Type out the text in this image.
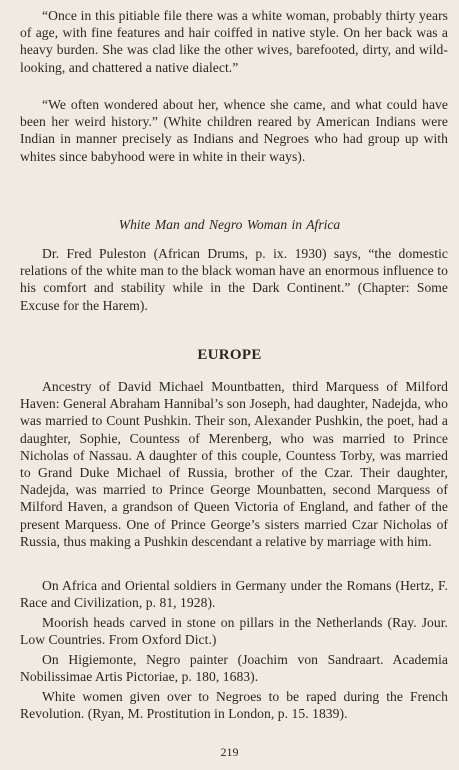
“Once in this pitiable file there was a white woman, probably thirty years of age, with fine features and hair coiffed in native style. On her back was a heavy burden. She was clad like the other wives, barefooted, dirty, and wild-looking, and chattered a native dialect.”

“We often wondered about her, whence she came, and what could have been her weird history.” (White children reared by American Indians were Indian in manner precisely as Indians and Negroes who had group up with whites since babyhood were in white in their ways).

White Man and Negro Woman in Africa

Dr. Fred Puleston (African Drums, p. ix. 1930) says, “the domestic relations of the white man to the black woman have an enormous influence to his comfort and stability while in the Dark Continent.” (Chapter: Some Excuse for the Harem).

EUROPE

Ancestry of David Michael Mountbatten, third Marquess of Milford Haven: General Abraham Hannibal’s son Joseph, had daughter, Nadejda, who was married to Count Pushkin. Their son, Alexander Pushkin, the poet, had a daughter, Sophie, Countess of Merenberg, who was married to Prince Nicholas of Nassau. A daughter of this couple, Countess Torby, was married to Grand Duke Michael of Russia, brother of the Czar. Their daughter, Nadejda, was married to Prince George Mounbatten, second Marquess of Milford Haven, a grandson of Queen Victoria of England, and father of the present Marquess. One of Prince George’s sisters married Czar Nicholas of Russia, thus making a Pushkin descendant a relative by marriage with him.

On Africa and Oriental soldiers in Germany under the Romans (Hertz, F. Race and Civilization, p. 81, 1928).

Moorish heads carved in stone on pillars in the Netherlands (Ray. Jour. Low Countries. From Oxford Dict.)

On Higiemonte, Negro painter (Joachim von Sandraart. Academia Nobilissimae Artis Pictoriae, p. 180, 1683).

White women given over to Negroes to be raped during the French Revolution. (Ryan, M. Prostitution in London, p. 15. 1839).

219
